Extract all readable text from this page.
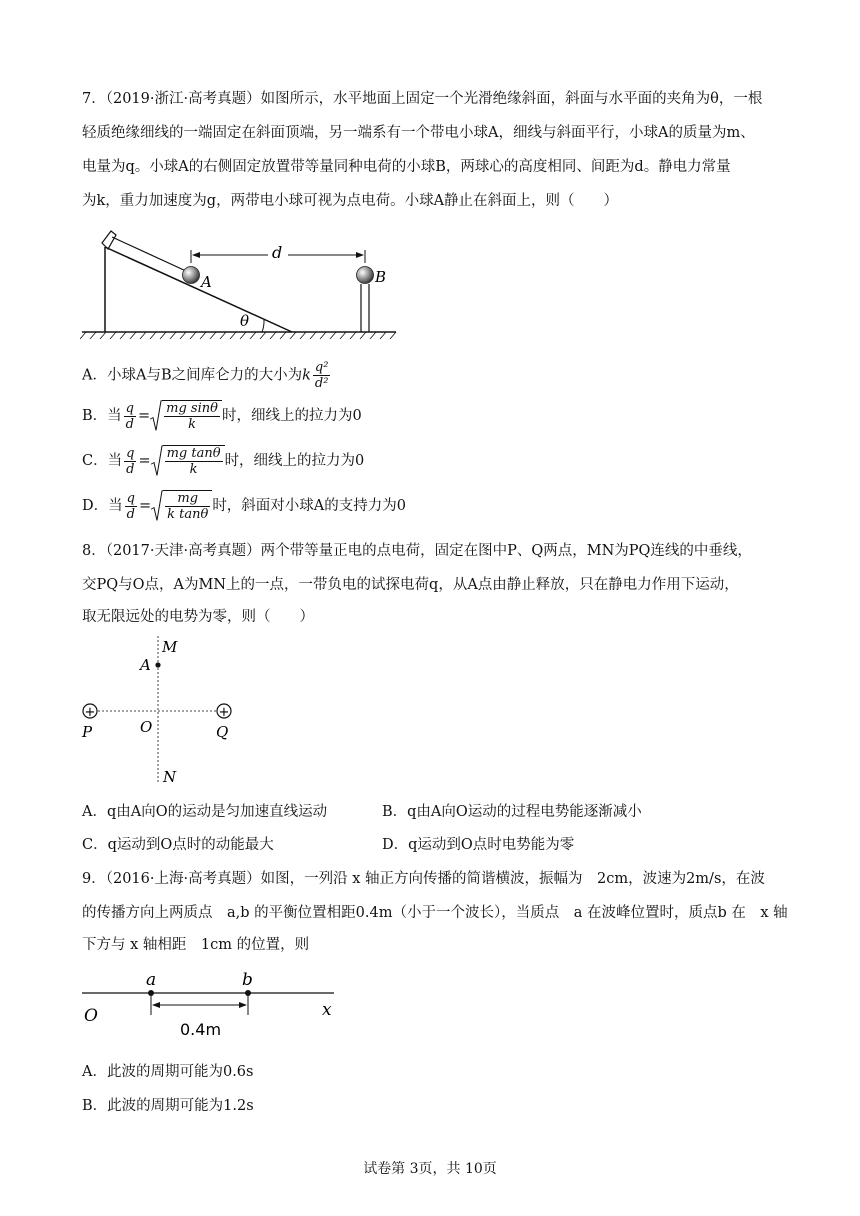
7．（2019·浙江·高考真题）如图所示，水平地面上固定一个光滑绝缘斜面，斜面与水平面的夹角为θ，一根
轻质绝缘细线的一端固定在斜面顶端，另一端系有一个带电小球A，细线与斜面平行，小球A的质量为m、
电量为q。小球A的右侧固定放置带等量同种电荷的小球B，两球心的高度相同、间距为d。静电力常量
为k，重力加速度为g，两带电小球可视为点电荷。小球A静止在斜面上，则（　　）
θ
A	B
d
A．小球A与B之间库仑力的大小为k $\frac{\text{q²}}{\text{d²}}$
B．当 $\frac{q}{d} = \frac{\text{mg sinθ}}{k}$ 时，细线上的拉力为0
C．当 $\frac{q}{d} = \frac{\text{mg tanθ}}{k}$ 时，细线上的拉力为0
D．当 $\frac{q}{d} = \frac{mg}{\text{k tanθ}}$ 时，斜面对小球A的支持力为0
8．（2017·天津·高考真题）两个带等量正电的点电荷，固定在图中P、Q两点，MN为PQ连线的中垂线，
交PQ与O点，A为MN上的一点，一带负电的试探电荷q，从A点由静止释放，只在静电力作用下运动，
取无限远处的电势为零，则（　　）
+	+
M
A
P	O	Q
N
A．q由A向O的运动是匀加速直线运动	B．q由A向O运动的过程电势能逐渐减小
C．q运动到O点时的动能最大	D．q运动到O点时电势能为零
9．（2016·上海·高考真题）如图，一列沿 x 轴正方向传播的简谐横波，振幅为　2cm，波速为2m/s，在波
的传播方向上两质点　a,b 的平衡位置相距0.4m（小于一个波长），当质点　a 在波峰位置时，质点b 在　x 轴
下方与 x 轴相距　1cm 的位置，则
a	b
O	x
0.4m
A．此波的周期可能为0.6s
B．此波的周期可能为1.2s
试卷第 3页，共 10页
